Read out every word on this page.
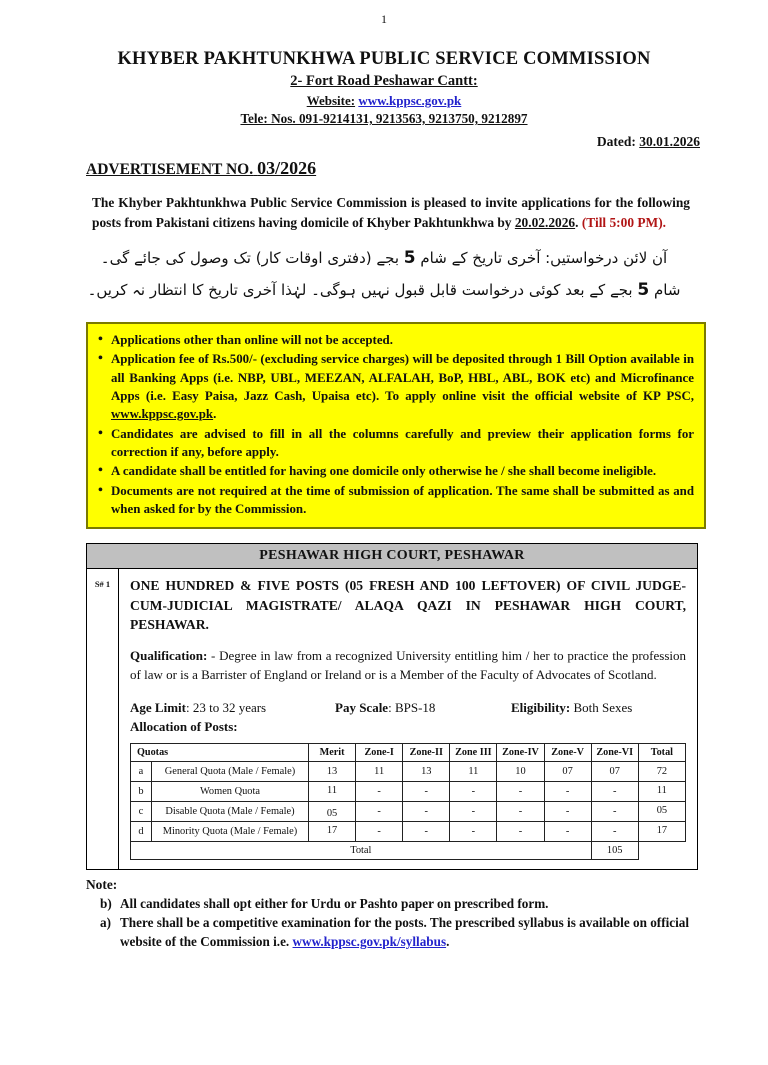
1
KHYBER PAKHTUNKHWA PUBLIC SERVICE COMMISSION
2- Fort Road Peshawar Cantt:
Website: www.kppsc.gov.pk
Tele: Nos. 091-9214131, 9213563, 9213750, 9212897
Dated: 30.01.2026
ADVERTISEMENT NO. 03/2026
The Khyber Pakhtunkhwa Public Service Commission is pleased to invite applications for the following posts from Pakistani citizens having domicile of Khyber Pakhtunkhwa by 20.02.2026. (Till 5:00 PM).
آن لائن درخواستیں: آخری تاریخ کے شام 5 بجے (دفتری اوقات کار) تک وصول کی جائے گی۔
شام 5 بجے کے بعد کوئی درخواست قابل قبول نہیں ہوگی۔ لہٰذا آخری تاریخ کا انتظار نہ کریں۔
• Applications other than online will not be accepted.
• Application fee of Rs.500/- (excluding service charges) will be deposited through 1 Bill Option available in all Banking Apps (i.e. NBP, UBL, MEEZAN, ALFALAH, BoP, HBL, ABL, BOK etc) and Microfinance Apps (i.e. Easy Paisa, Jazz Cash, Upaisa etc). To apply online visit the official website of KP PSC, www.kppsc.gov.pk.
• Candidates are advised to fill in all the columns carefully and preview their application forms for correction if any, before apply.
• A candidate shall be entitled for having one domicile only otherwise he / she shall become ineligible.
• Documents are not required at the time of submission of application. The same shall be submitted as and when asked for by the Commission.
PESHAWAR HIGH COURT, PESHAWAR
S# 1	ONE HUNDRED & FIVE POSTS (05 FRESH AND 100 LEFTOVER) OF CIVIL JUDGE-CUM-JUDICIAL MAGISTRATE/ ALAQA QAZI IN PESHAWAR HIGH COURT, PESHAWAR.
Qualification: - Degree in law from a recognized University entitling him / her to practice the profession of law or is a Barrister of England or Ireland or is a Member of the Faculty of Advocates of Scotland.
Age Limit: 23 to 32 years	Pay Scale: BPS-18	Eligibility: Both Sexes
Allocation of Posts:
Quotas		Merit	Zone-I	Zone-II	Zone III	Zone-IV	Zone-V	Zone-VI	Total
a	General Quota (Male / Female)	13	11	13	11	10	07	07	72
b	Women Quota	11	-	-	-	-	-	-	11
c	Disable Quota (Male / Female)	05	-	-	-	-	-	-	05
d	Minority Quota (Male / Female)	17	-	-	-	-	-	-	17
Total								105	
Note:
b) All candidates shall opt either for Urdu or Pashto paper on prescribed form.
a) There shall be a competitive examination for the posts. The prescribed syllabus is available on official website of the Commission i.e. www.kppsc.gov.pk/syllabus.
